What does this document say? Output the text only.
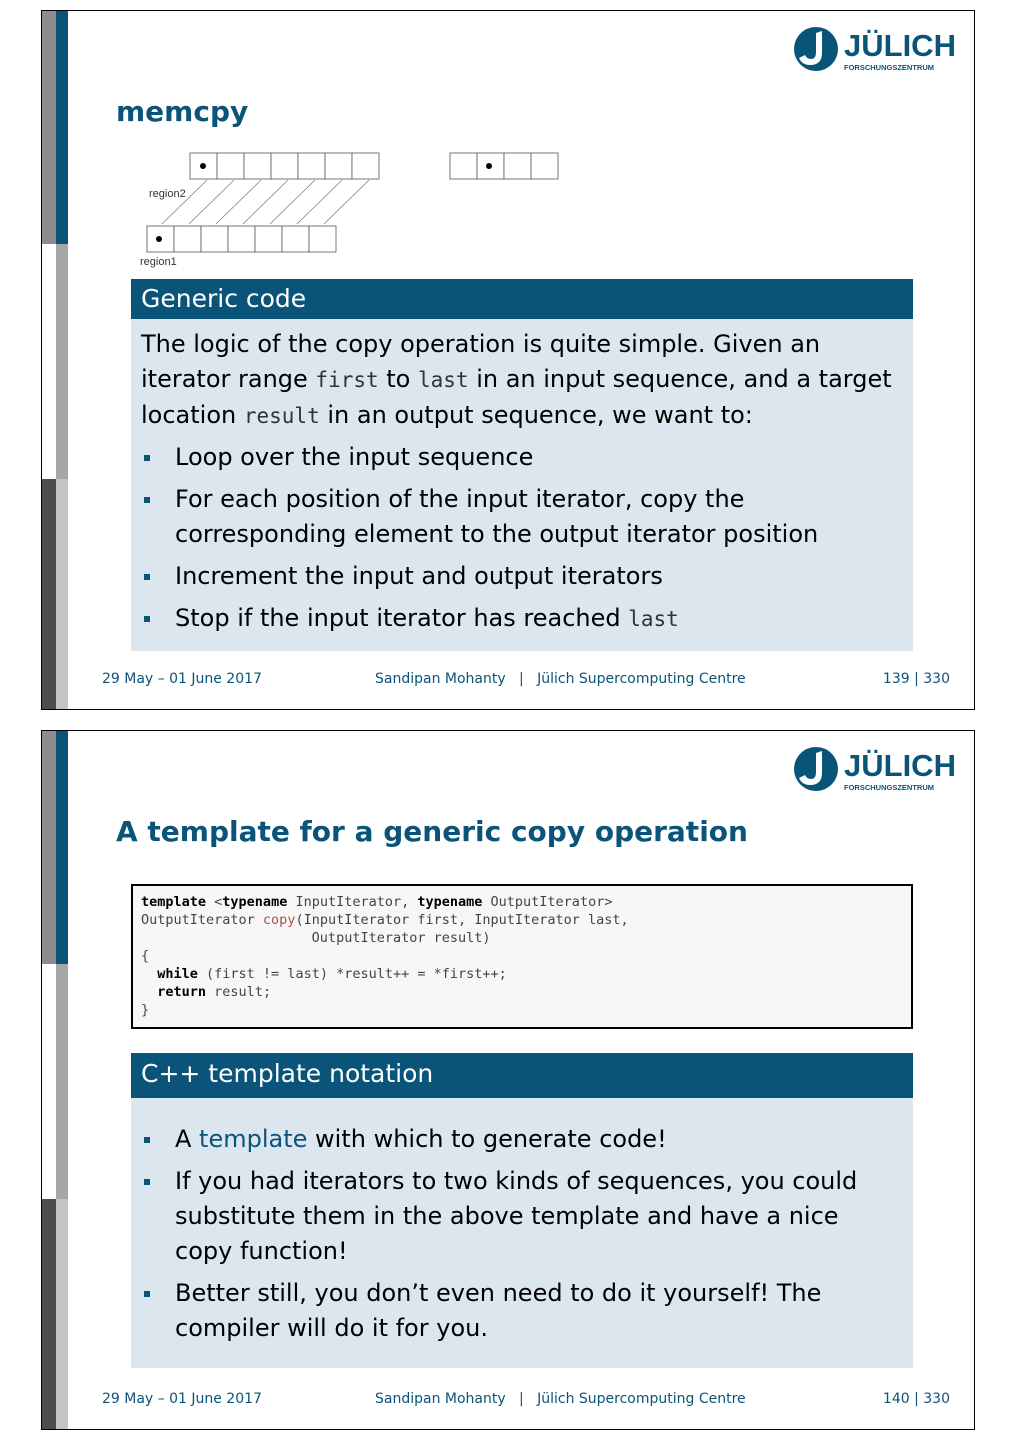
JÜLICH
FORSCHUNGSZENTRUM
memcpy
region2
region1
Generic code
The logic of the copy operation is quite simple. Given an iterator range first to last in an input sequence, and a target location result in an output sequence, we want to:
Loop over the input sequence
For each position of the input iterator, copy the corresponding element to the output iterator position
Increment the input and output iterators
Stop if the input iterator has reached last
29 May – 01 June 2017	Sandipan Mohanty | Jülich Supercomputing Centre	139 | 330
JÜLICH
FORSCHUNGSZENTRUM
A template for a generic copy operation
template <typename InputIterator, typename OutputIterator>
OutputIterator copy(InputIterator first, InputIterator last,
OutputIterator result)
{
while (first != last) *result++ = *first++;
return result;
}
C++ template notation
A template with which to generate code!
If you had iterators to two kinds of sequences, you could substitute them in the above template and have a nice copy function!
Better still, you don’t even need to do it yourself! The compiler will do it for you.
29 May – 01 June 2017	Sandipan Mohanty | Jülich Supercomputing Centre	140 | 330
